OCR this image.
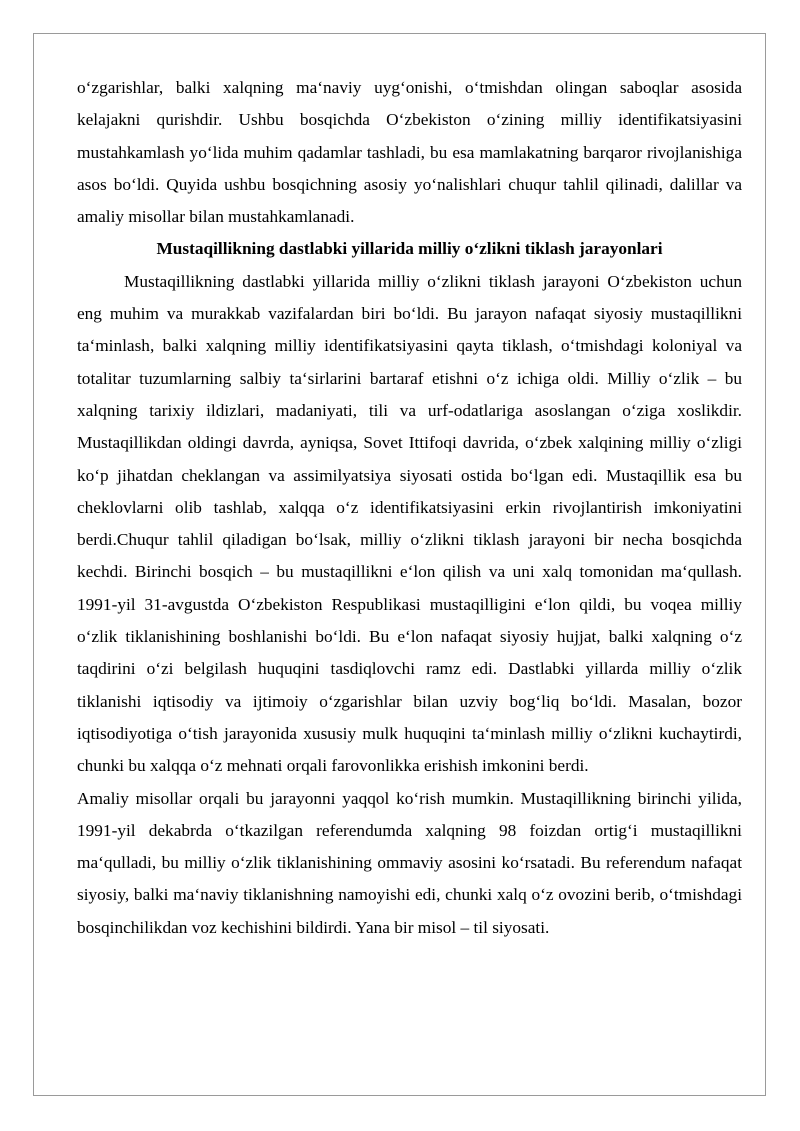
o‘zgarishlar, balki xalqning ma‘naviy uyg‘onishi, o‘tmishdan olingan saboqlar asosida kelajakni qurishdir. Ushbu bosqichda O‘zbekiston o‘zining milliy identifikatsiyasini mustahkamlash yo‘lida muhim qadamlar tashladi, bu esa mamlakatning barqaror rivojlanishiga asos bo‘ldi. Quyida ushbu bosqichning asosiy yo‘nalishlari chuqur tahlil qilinadi, dalillar va amaliy misollar bilan mustahkamlanadi.

Mustaqillikning dastlabki yillarida milliy o‘zlikni tiklash jarayonlari

Mustaqillikning dastlabki yillarida milliy o‘zlikni tiklash jarayoni O‘zbekiston uchun eng muhim va murakkab vazifalardan biri bo‘ldi. Bu jarayon nafaqat siyosiy mustaqillikni ta‘minlash, balki xalqning milliy identifikatsiyasini qayta tiklash, o‘tmishdagi koloniyal va totalitar tuzumlarning salbiy ta‘sirlarini bartaraf etishni o‘z ichiga oldi. Milliy o‘zlik – bu xalqning tarixiy ildizlari, madaniyati, tili va urf-odatlariga asoslangan o‘ziga xoslikdir. Mustaqillikdan oldingi davrda, ayniqsa, Sovet Ittifoqi davrida, o‘zbek xalqining milliy o‘zligi ko‘p jihatdan cheklangan va assimilyatsiya siyosati ostida bo‘lgan edi. Mustaqillik esa bu cheklovlarni olib tashlab, xalqqa o‘z identifikatsiyasini erkin rivojlantirish imkoniyatini berdi.Chuqur tahlil qiladigan bo‘lsak, milliy o‘zlikni tiklash jarayoni bir necha bosqichda kechdi. Birinchi bosqich – bu mustaqillikni e‘lon qilish va uni xalq tomonidan ma‘qullash. 1991-yil 31-avgustda O‘zbekiston Respublikasi mustaqilligini e‘lon qildi, bu voqea milliy o‘zlik tiklanishining boshlanishi bo‘ldi. Bu e‘lon nafaqat siyosiy hujjat, balki xalqning o‘z taqdirini o‘zi belgilash huquqini tasdiqlovchi ramz edi. Dastlabki yillarda milliy o‘zlik tiklanishi iqtisodiy va ijtimoiy o‘zgarishlar bilan uzviy bog‘liq bo‘ldi. Masalan, bozor iqtisodiyotiga o‘tish jarayonida xususiy mulk huquqini ta‘minlash milliy o‘zlikni kuchaytirdi, chunki bu xalqqa o‘z mehnati orqali farovonlikka erishish imkonini berdi.

Amaliy misollar orqali bu jarayonni yaqqol ko‘rish mumkin. Mustaqillikning birinchi yilida, 1991-yil dekabrda o‘tkazilgan referendumda xalqning 98 foizdan ortig‘i mustaqillikni ma‘qulladi, bu milliy o‘zlik tiklanishining ommaviy asosini ko‘rsatadi. Bu referendum nafaqat siyosiy, balki ma‘naviy tiklanishning namoyishi edi, chunki xalq o‘z ovozini berib, o‘tmishdagi bosqinchilikdan voz kechishini bildirdi. Yana bir misol – til siyosati.
